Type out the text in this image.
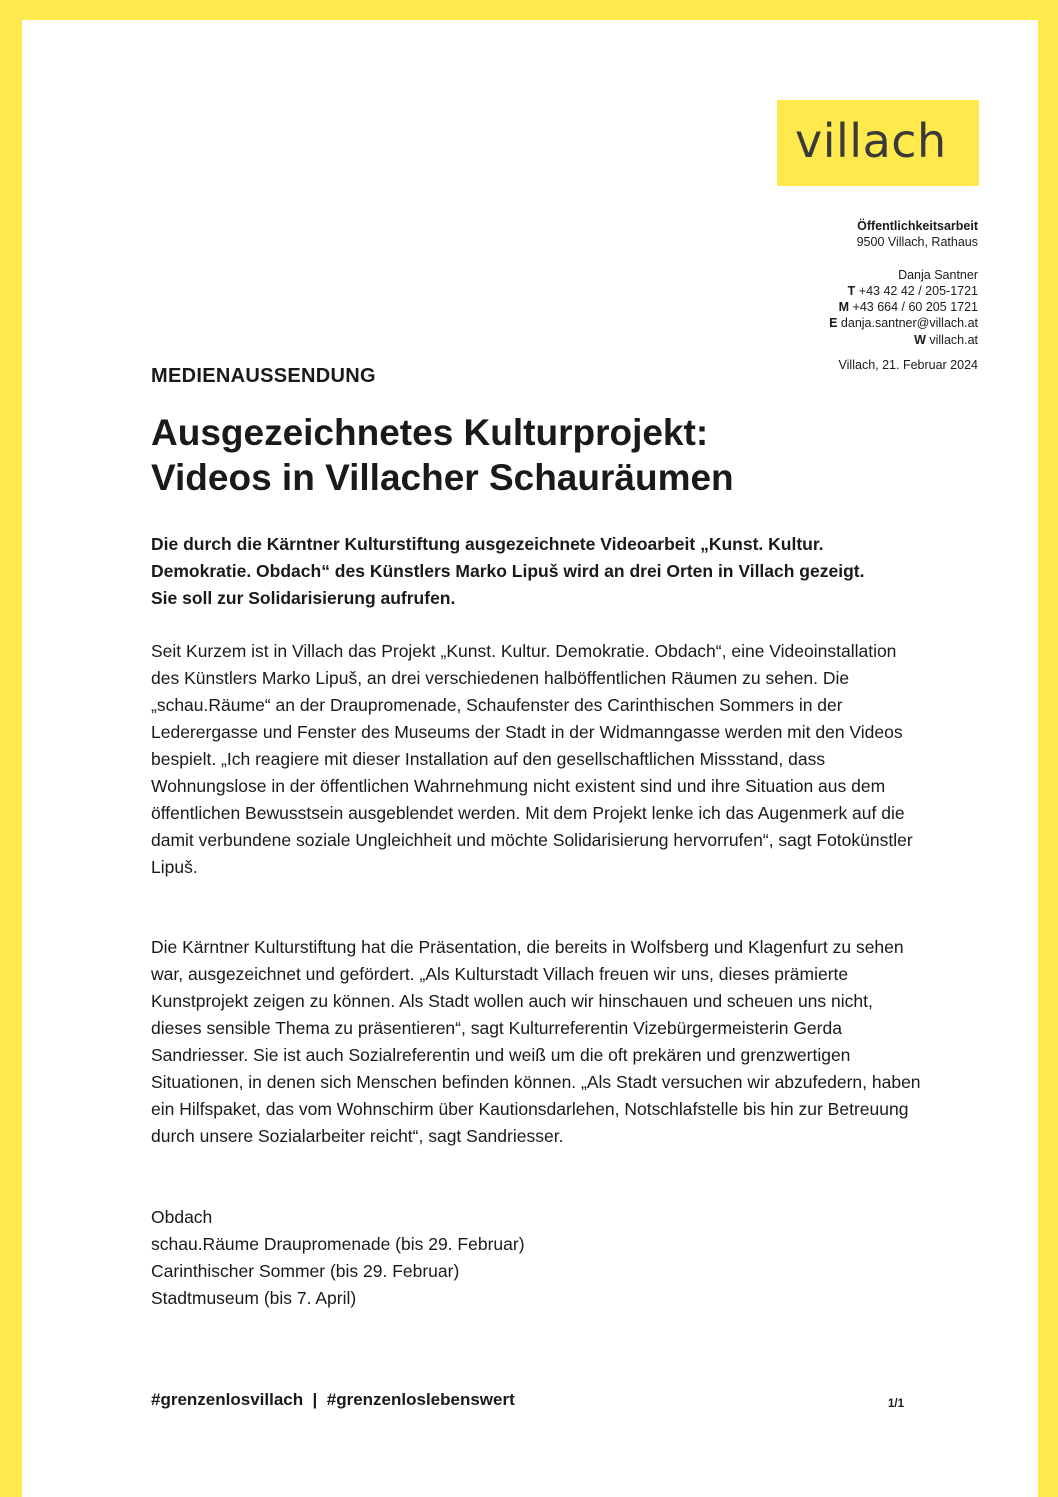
villach
Öffentlichkeitsarbeit
9500 Villach, Rathaus
Danja Santner
T +43 42 42 / 205-1721
M +43 664 / 60 205 1721
E danja.santner@villach.at
W villach.at
Villach, 21. Februar 2024
MEDIENAUSSENDUNG
Ausgezeichnetes Kulturprojekt:
Videos in Villacher Schauräumen

Die durch die Kärntner Kulturstiftung ausgezeichnete Videoarbeit „Kunst. Kultur. Demokratie. Obdach“ des Künstlers Marko Lipuš wird an drei Orten in Villach gezeigt. Sie soll zur Solidarisierung aufrufen.

Seit Kurzem ist in Villach das Projekt „Kunst. Kultur. Demokratie. Obdach“, eine Videoinstallation des Künstlers Marko Lipuš, an drei verschiedenen halböffentlichen Räumen zu sehen. Die „schau.Räume“ an der Draupromenade, Schaufenster des Carinthischen Sommers in der Lederergasse und Fenster des Museums der Stadt in der Widmanngasse werden mit den Videos bespielt. „Ich reagiere mit dieser Installation auf den gesellschaftlichen Missstand, dass Wohnungslose in der öffentlichen Wahrnehmung nicht existent sind und ihre Situation aus dem öffentlichen Bewusstsein ausgeblendet werden. Mit dem Projekt lenke ich das Augenmerk auf die damit verbundene soziale Ungleichheit und möchte Solidarisierung hervorrufen“, sagt Fotokünstler Lipuš.

Die Kärntner Kulturstiftung hat die Präsentation, die bereits in Wolfsberg und Klagenfurt zu sehen war, ausgezeichnet und gefördert. „Als Kulturstadt Villach freuen wir uns, dieses prämierte Kunstprojekt zeigen zu können. Als Stadt wollen auch wir hinschauen und scheuen uns nicht, dieses sensible Thema zu präsentieren“, sagt Kulturreferentin Vizebürgermeisterin Gerda Sandriesser. Sie ist auch Sozialreferentin und weiß um die oft prekären und grenzwertigen Situationen, in denen sich Menschen befinden können. „Als Stadt versuchen wir abzufedern, haben ein Hilfspaket, das vom Wohnschirm über Kautionsdarlehen, Notschlafstelle bis hin zur Betreuung durch unsere Sozialarbeiter reicht“, sagt Sandriesser.

Obdach
schau.Räume Draupromenade (bis 29. Februar)
Carinthischer Sommer (bis 29. Februar)
Stadtmuseum (bis 7. April)
#grenzenlosvillach  |  #grenzenloslebenswert	1/1
